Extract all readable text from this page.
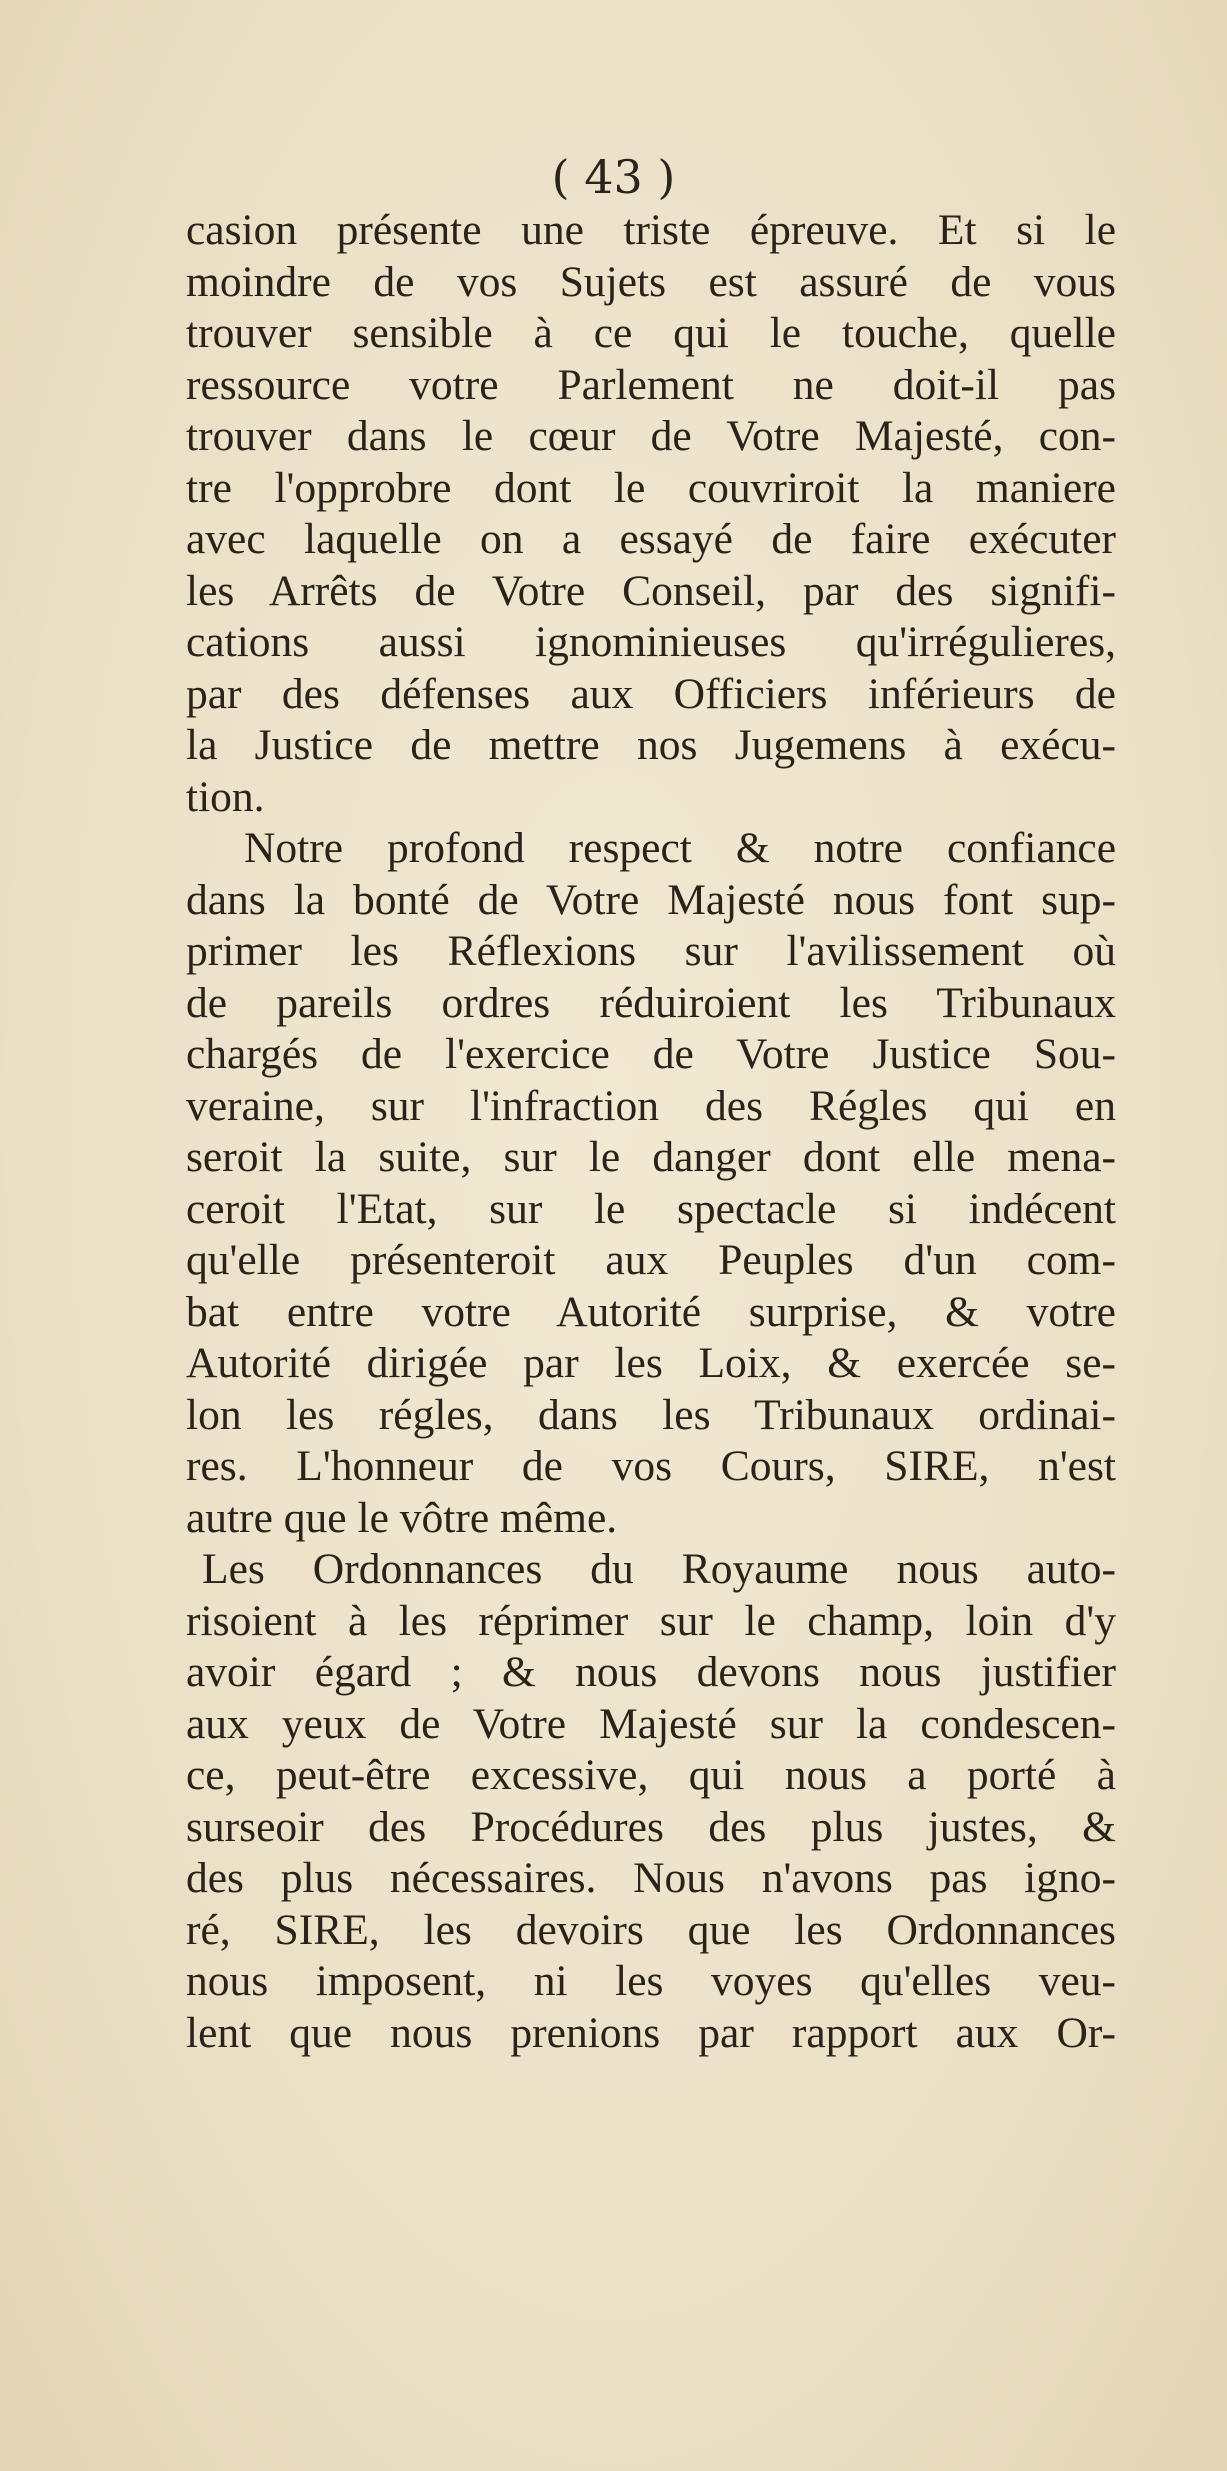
( 43 )
casion présente une triste épreuve. Et si le
moindre de vos Sujets est assuré de vous
trouver sensible à ce qui le touche, quelle
ressource votre Parlement ne doit-il pas
trouver dans le cœur de Votre Majesté, con-
tre l'opprobre dont le couvriroit la maniere
avec laquelle on a essayé de faire exécuter
les Arrêts de Votre Conseil, par des signifi-
cations aussi ignominieuses qu'irrégulieres,
par des défenses aux Officiers inférieurs de
la Justice de mettre nos Jugemens à exécu-
tion.
Notre profond respect & notre confiance
dans la bonté de Votre Majesté nous font sup-
primer les Réflexions sur l'avilissement où
de pareils ordres réduiroient les Tribunaux
chargés de l'exercice de Votre Justice Sou-
veraine, sur l'infraction des Régles qui en
seroit la suite, sur le danger dont elle mena-
ceroit l'Etat, sur le spectacle si indécent
qu'elle présenteroit aux Peuples d'un com-
bat entre votre Autorité surprise, & votre
Autorité dirigée par les Loix, & exercée se-
lon les régles, dans les Tribunaux ordinai-
res. L'honneur de vos Cours, SIRE, n'est
autre que le vôtre même.
Les Ordonnances du Royaume nous auto-
risoient à les réprimer sur le champ, loin d'y
avoir égard ; & nous devons nous justifier
aux yeux de Votre Majesté sur la condescen-
ce, peut-être excessive, qui nous a porté à
surseoir des Procédures des plus justes, &
des plus nécessaires. Nous n'avons pas igno-
ré, SIRE, les devoirs que les Ordonnances
nous imposent, ni les voyes qu'elles veu-
lent que nous prenions par rapport aux Or-
